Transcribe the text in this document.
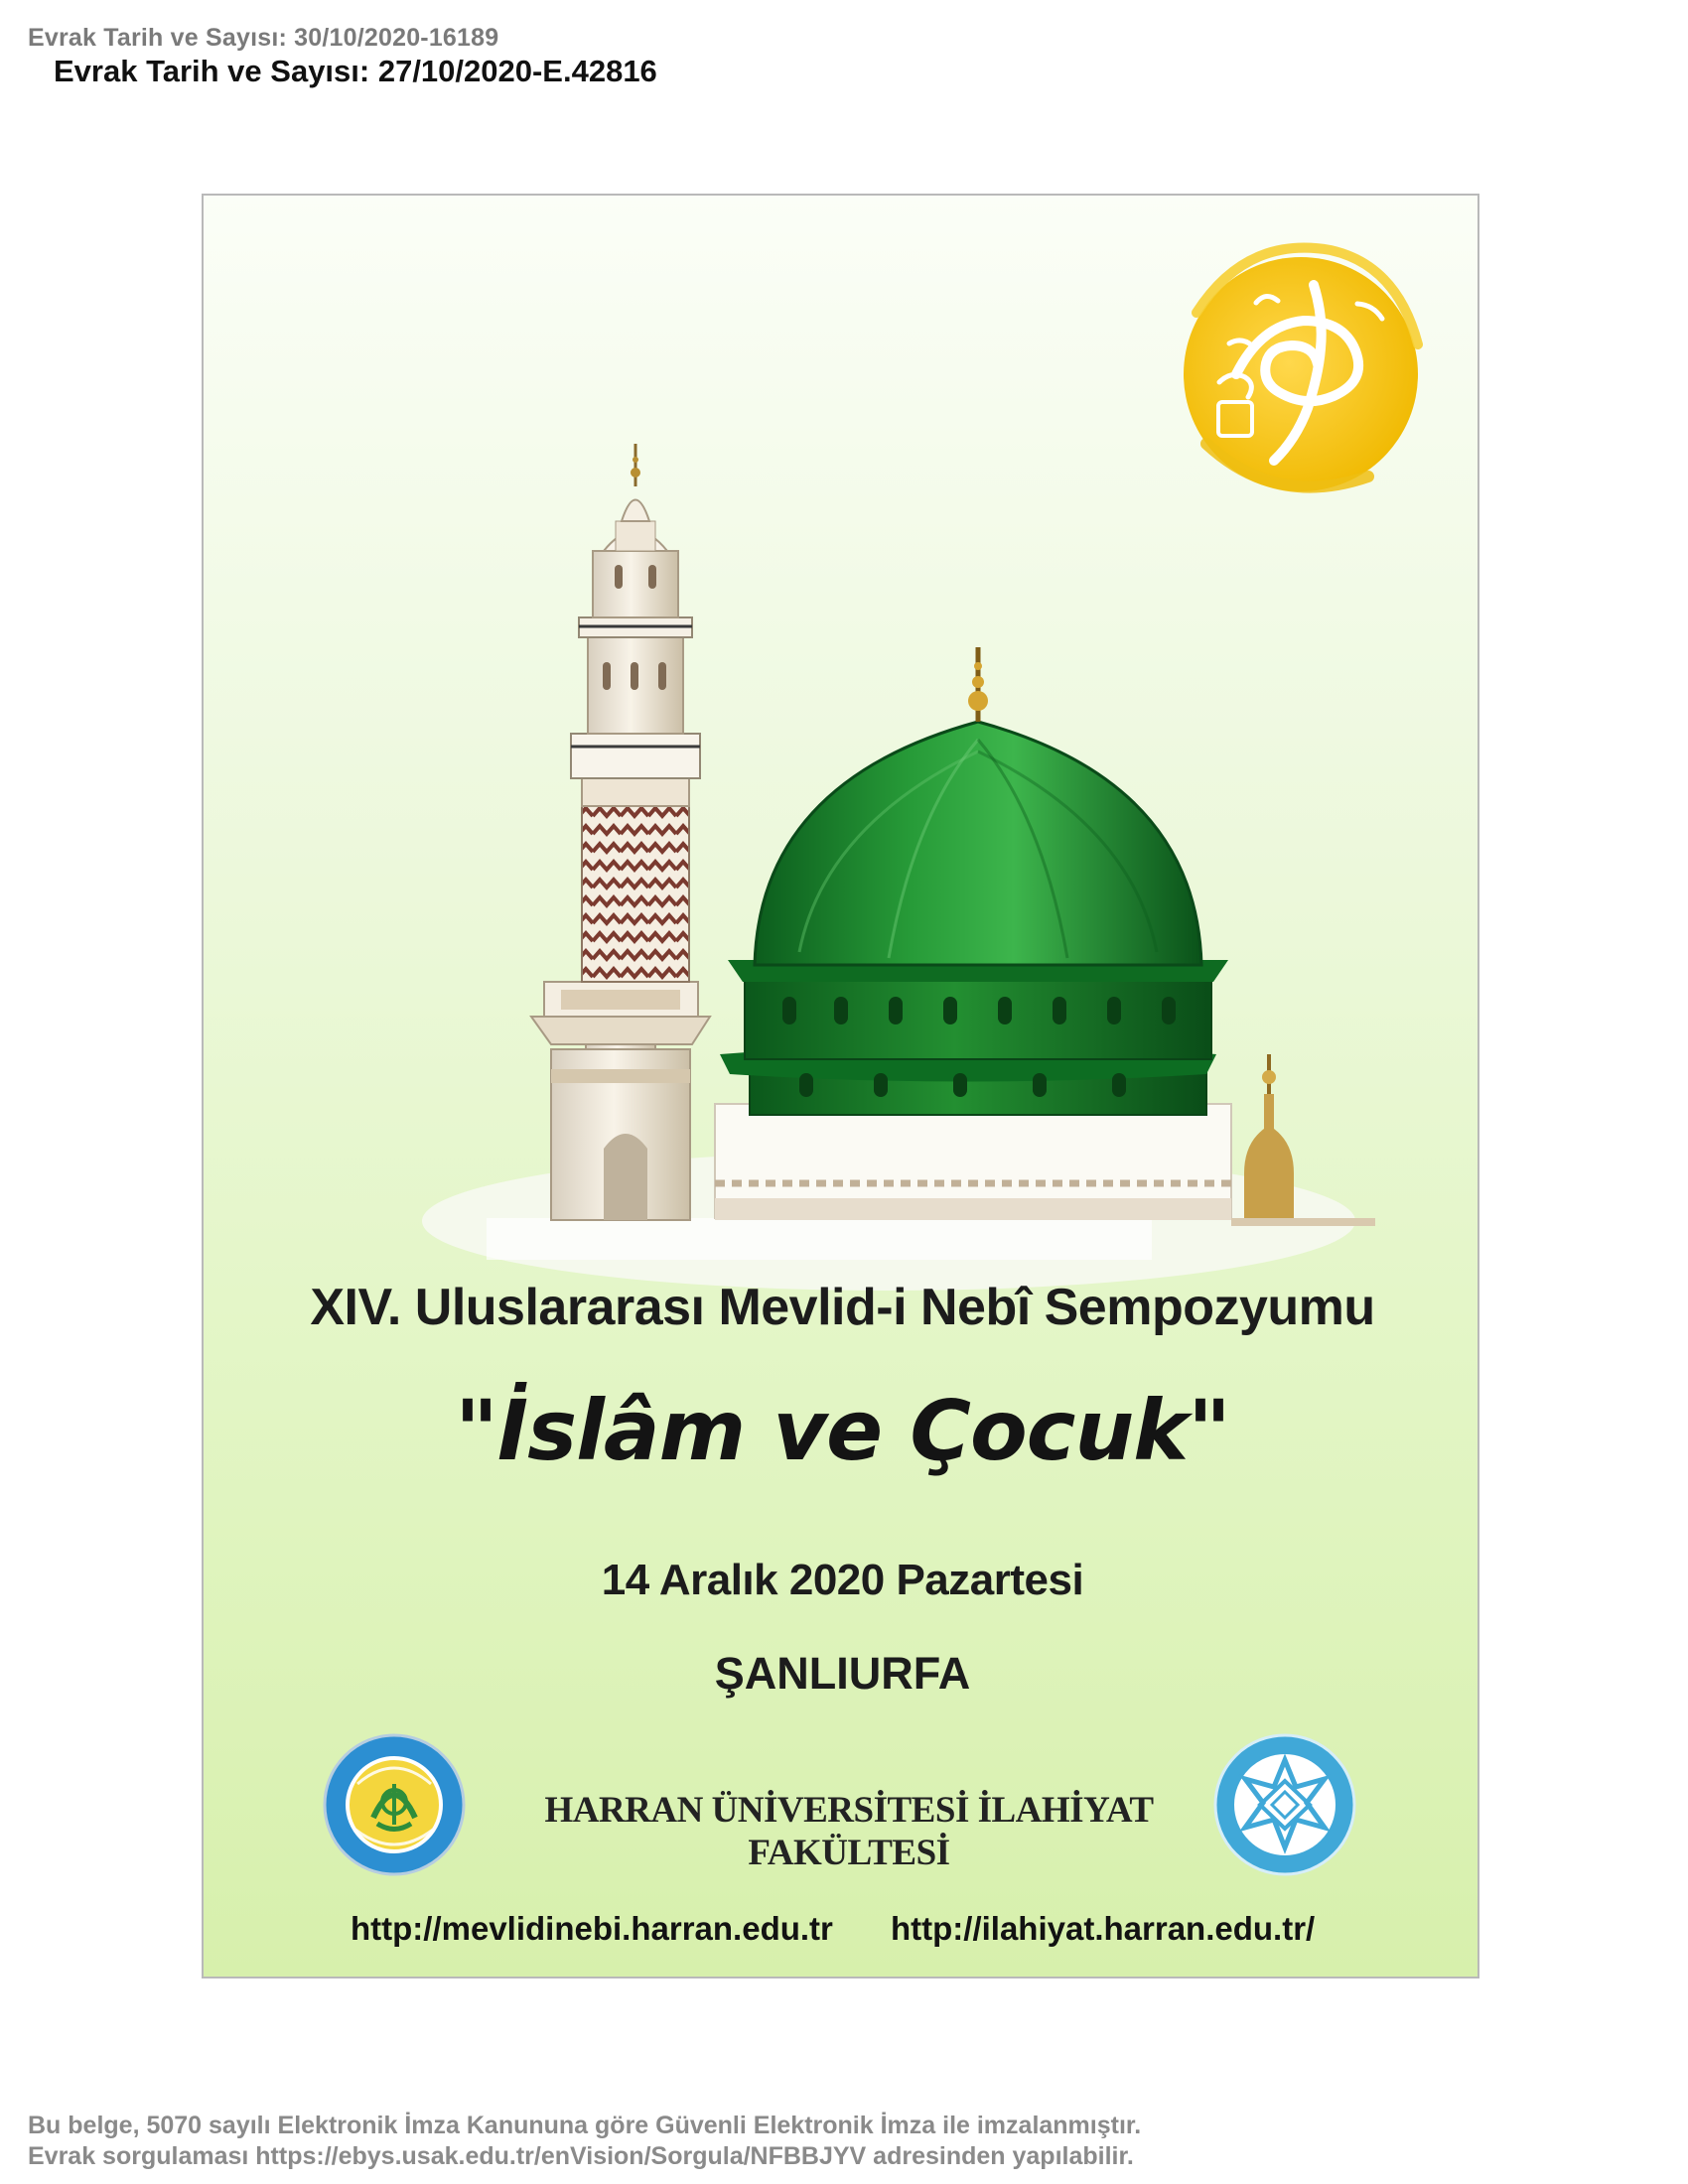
Evrak Tarih ve Sayısı: 30/10/2020-16189
Evrak Tarih ve Sayısı: 27/10/2020-E.42816
XIV. Uluslararası Mevlid-i Nebî Sempozyumu
"İslâm ve Çocuk"
14 Aralık 2020 Pazartesi
ŞANLIURFA
HARRAN ÜNİVERSİTESİ İLAHİYAT FAKÜLTESİ
http://mevlidinebi.harran.edu.tr http://ilahiyat.harran.edu.tr/
Bu belge, 5070 sayılı Elektronik İmza Kanununa göre Güvenli Elektronik İmza ile imzalanmıştır.
Evrak sorgulaması https://ebys.usak.edu.tr/enVision/Sorgula/NFBBJYV adresinden yapılabilir.
